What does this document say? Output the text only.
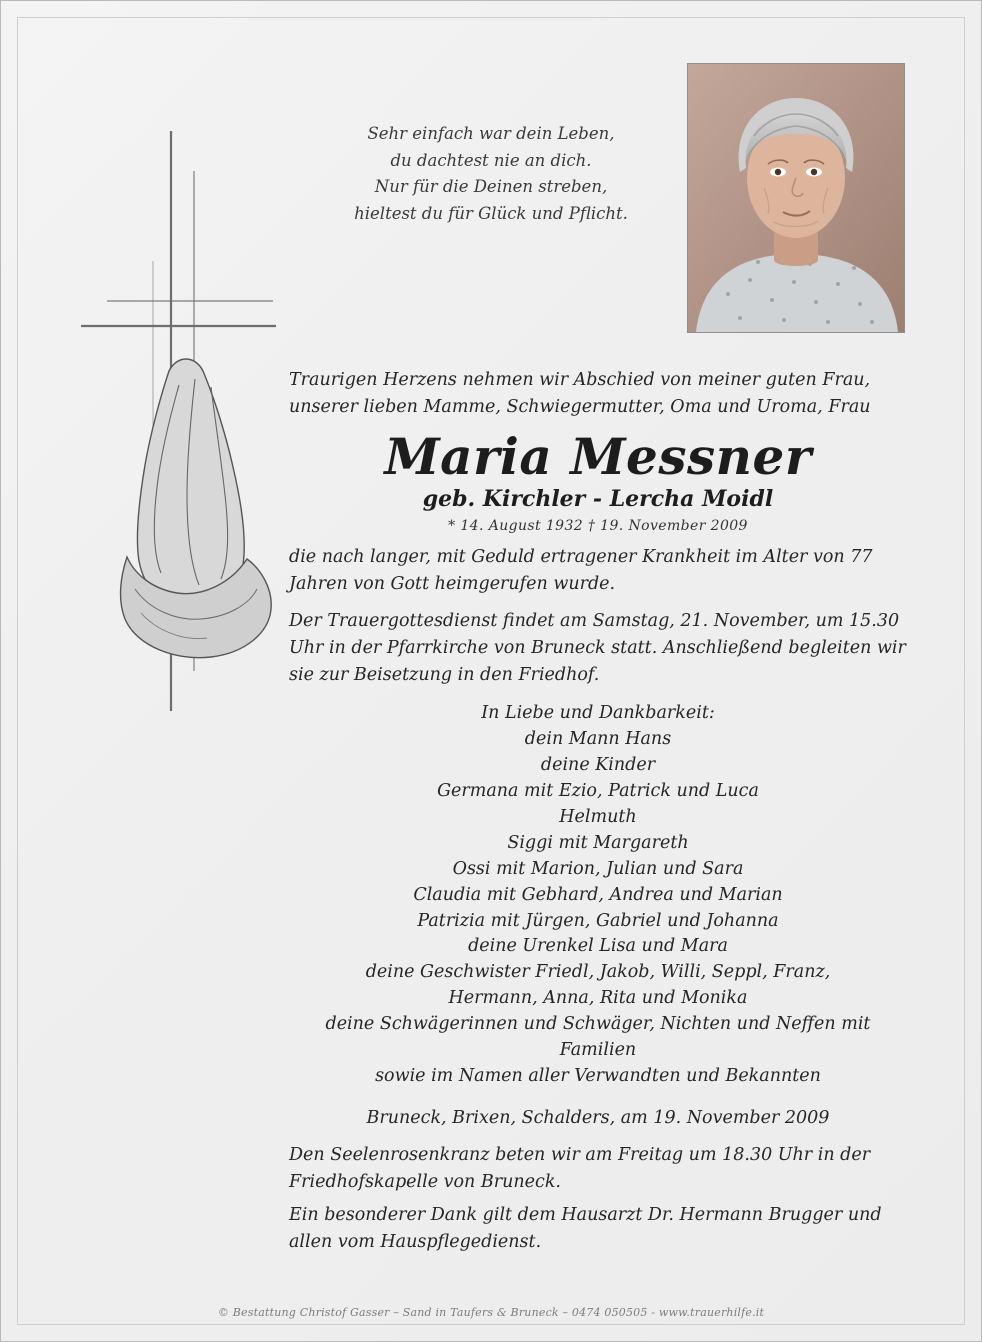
Sehr einfach war dein Leben,
du dachtest nie an dich.
Nur für die Deinen streben,
hieltest du für Glück und Pflicht.

Traurigen Herzens nehmen wir Abschied von meiner guten Frau, unserer lieben Mamme, Schwiegermutter, Oma und Uroma, Frau

Maria Messner
geb. Kirchler - Lercha Moidl
* 14. August 1932 † 19. November 2009

die nach langer, mit Geduld ertragener Krankheit im Alter von 77 Jahren von Gott heimgerufen wurde.

Der Trauergottesdienst findet am Samstag, 21. November, um 15.30 Uhr in der Pfarrkirche von Bruneck statt. Anschließend begleiten wir sie zur Beisetzung in den Friedhof.

In Liebe und Dankbarkeit:
dein Mann Hans
deine Kinder
Germana mit Ezio, Patrick und Luca
Helmuth
Siggi mit Margareth
Ossi mit Marion, Julian und Sara
Claudia mit Gebhard, Andrea und Marian
Patrizia mit Jürgen, Gabriel und Johanna
deine Urenkel Lisa und Mara
deine Geschwister Friedl, Jakob, Willi, Seppl, Franz,
Hermann, Anna, Rita und Monika
deine Schwägerinnen und Schwäger, Nichten und Neffen mit Familien
sowie im Namen aller Verwandten und Bekannten
Bruneck, Brixen, Schalders, am 19. November 2009

Den Seelenrosenkranz beten wir am Freitag um 18.30 Uhr in der Friedhofskapelle von Bruneck.

Ein besonderer Dank gilt dem Hausarzt Dr. Hermann Brugger und allen vom Hauspflegedienst.

© Bestattung Christof Gasser – Sand in Taufers & Bruneck – 0474 050505 - www.trauerhilfe.it
